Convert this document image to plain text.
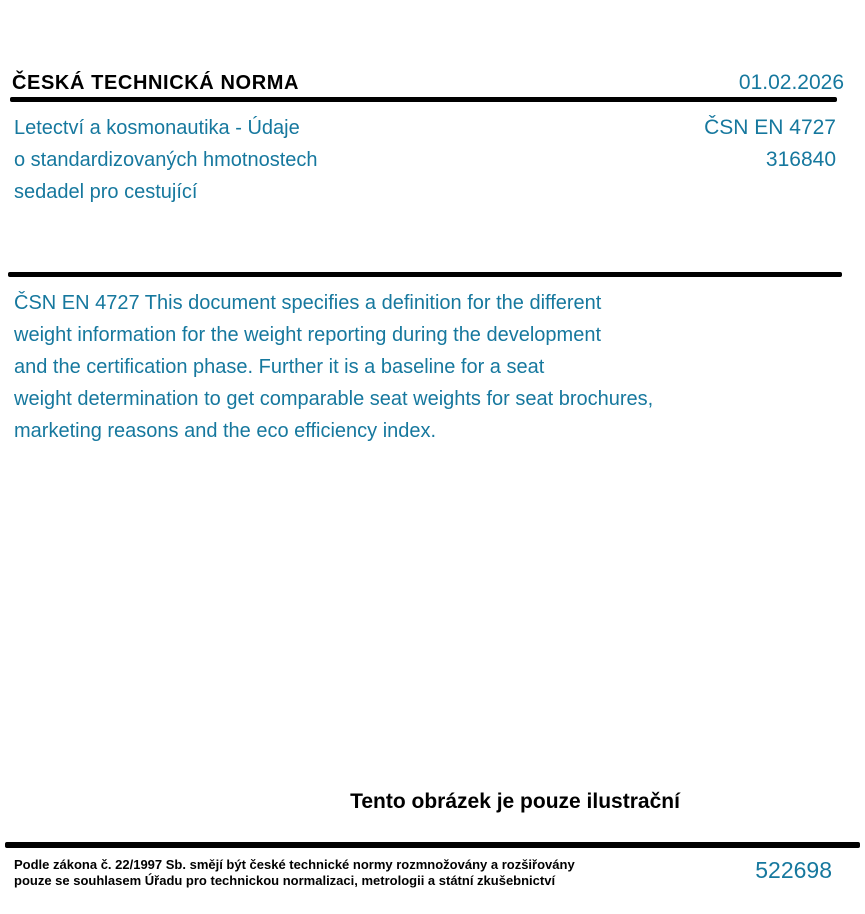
ČESKÁ TECHNICKÁ NORMA	01.02.2026
Letectví a kosmonautika - Údaje
o standardizovaných hmotnostech
sedadel pro cestující
ČSN EN 4727
316840
ČSN EN 4727 This document specifies a definition for the different
weight information for the weight reporting during the development
and the certification phase. Further it is a baseline for a seat
weight determination to get comparable seat weights for seat brochures,
marketing reasons and the eco efficiency index.
Tento obrázek je pouze ilustrační
Podle zákona č. 22/1997 Sb. smějí být české technické normy rozmnožovány a rozšiřovány
pouze se souhlasem Úřadu pro technickou normalizaci, metrologii a státní zkušebnictví	522698
